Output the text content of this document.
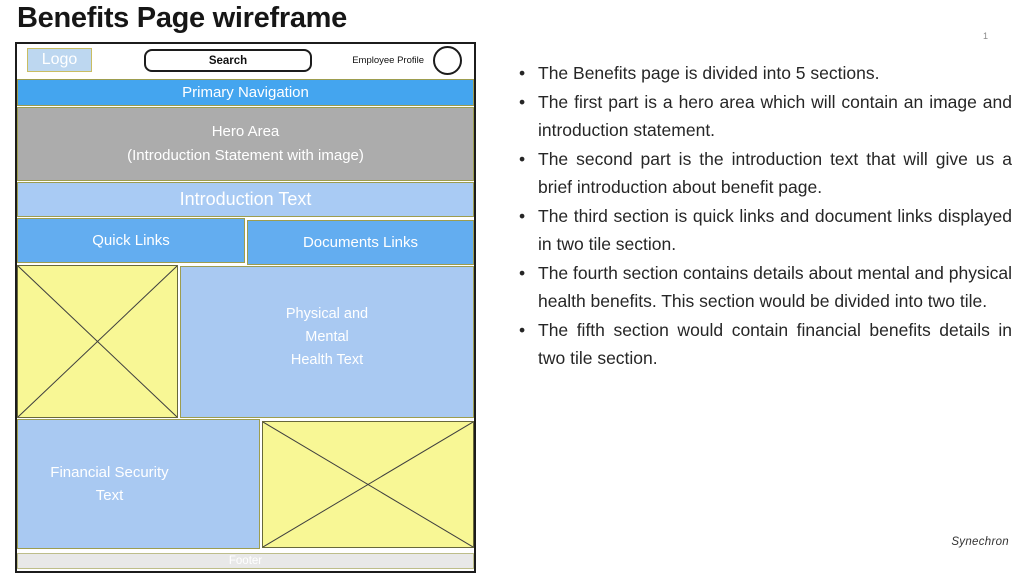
Benefits Page wireframe
1
Logo	Search	Employee Profile
Primary Navigation
Hero Area
(Introduction Statement with image)
Introduction Text
Quick Links	Documents Links
Physical and
Mental
Health Text
Financial Security
Text
Footer
• The Benefits page is divided into 5 sections.
• The first part is a hero area which will contain an image and introduction statement.
• The second part is the introduction text that will give us a brief introduction about benefit page.
• The third section is quick links and document links displayed in two tile section.
• The fourth section contains details about mental and physical health benefits. This section would be divided into two tile.
• The fifth section would contain financial benefits details in two tile section.
Synechron
